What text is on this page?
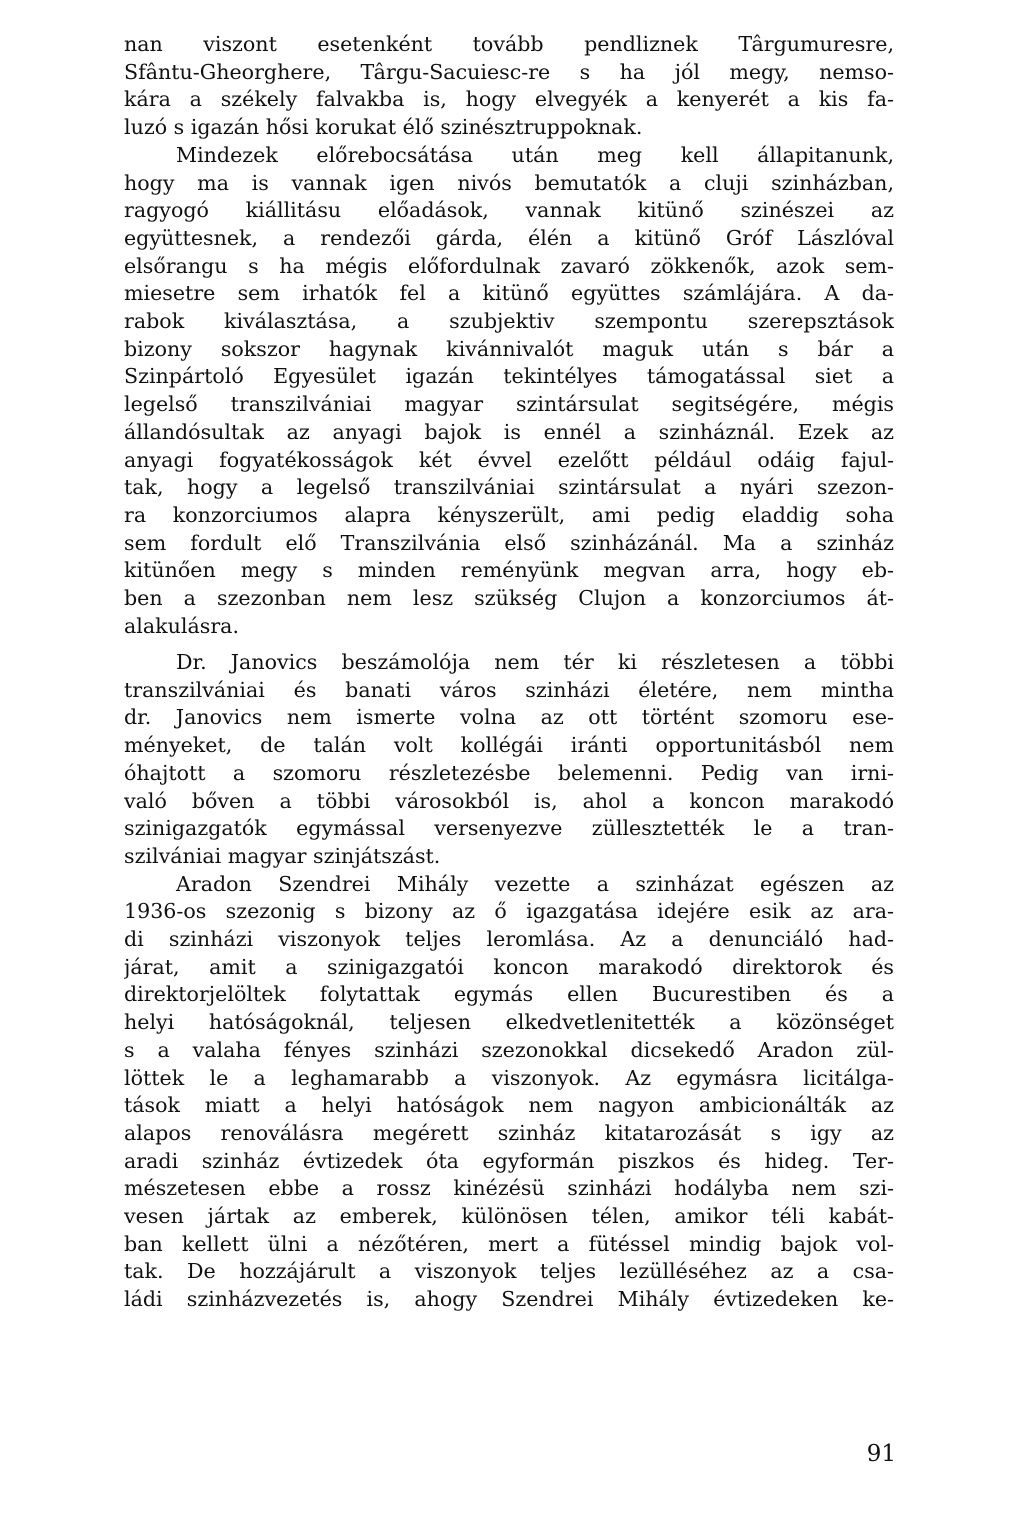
nan viszont esetenként tovább pendliznek Târgumuresre,
Sfântu-Gheorghere, Târgu-Sacuiesc-re s ha jól megy, nemso-
kára a székely falvakba is, hogy elvegyék a kenyerét a kis fa-
luzó s igazán hősi korukat élő szinésztruppoknak.
Mindezek előrebocsátása után meg kell állapitanunk,
hogy ma is vannak igen nivós bemutatók a cluji szinházban,
ragyogó kiállitásu előadások, vannak kitünő szinészei az
együttesnek, a rendezői gárda, élén a kitünő Gróf Lászlóval
elsőrangu s ha mégis előfordulnak zavaró zökkenők, azok sem-
miesetre sem irhatók fel a kitünő együttes számlájára. A da-
rabok kiválasztása, a szubjektiv szempontu szerepsztások
bizony sokszor hagynak kivánnivalót maguk után s bár a
Szinpártoló Egyesület igazán tekintélyes támogatással siet a
legelső transzilvániai magyar szintársulat segitségére, mégis
állandósultak az anyagi bajok is ennél a szinháznál. Ezek az
anyagi fogyatékosságok két évvel ezelőtt például odáig fajul-
tak, hogy a legelső transzilvániai szintársulat a nyári szezon-
ra konzorciumos alapra kényszerült, ami pedig eladdig soha
sem fordult elő Transzilvánia első szinházánál. Ma a szinház
kitünően megy s minden reményünk megvan arra, hogy eb-
ben a szezonban nem lesz szükség Clujon a konzorciumos át-
alakulásra.
Dr. Janovics beszámolója nem tér ki részletesen a többi
transzilvániai és banati város szinházi életére, nem mintha
dr. Janovics nem ismerte volna az ott történt szomoru ese-
ményeket, de talán volt kollégái iránti opportunitásból nem
óhajtott a szomoru részletezésbe belemenni. Pedig van irni-
való bőven a többi városokból is, ahol a koncon marakodó
szinigazgatók egymással versenyezve züllesztették le a tran-
szilvániai magyar szinjátszást.
Aradon Szendrei Mihály vezette a szinházat egészen az
1936-os szezonig s bizony az ő igazgatása idejére esik az ara-
di szinházi viszonyok teljes leromlása. Az a denunciáló had-
járat, amit a szinigazgatói koncon marakodó direktorok és
direktorjelöltek folytattak egymás ellen Bucurestiben és a
helyi hatóságoknál, teljesen elkedvetlenitették a közönséget
s a valaha fényes szinházi szezonokkal dicsekedő Aradon zül-
löttek le a leghamarabb a viszonyok. Az egymásra licitálga-
tások miatt a helyi hatóságok nem nagyon ambicionálták az
alapos renoválásra megérett szinház kitatarozását s igy az
aradi szinház évtizedek óta egyformán piszkos és hideg. Ter-
mészetesen ebbe a rossz kinézésü szinházi hodályba nem szi-
vesen jártak az emberek, különösen télen, amikor téli kabát-
ban kellett ülni a nézőtéren, mert a fütéssel mindig bajok vol-
tak. De hozzájárult a viszonyok teljes lezülléséhez az a csa-
ládi szinházvezetés is, ahogy Szendrei Mihály évtizedeken ke-
91
